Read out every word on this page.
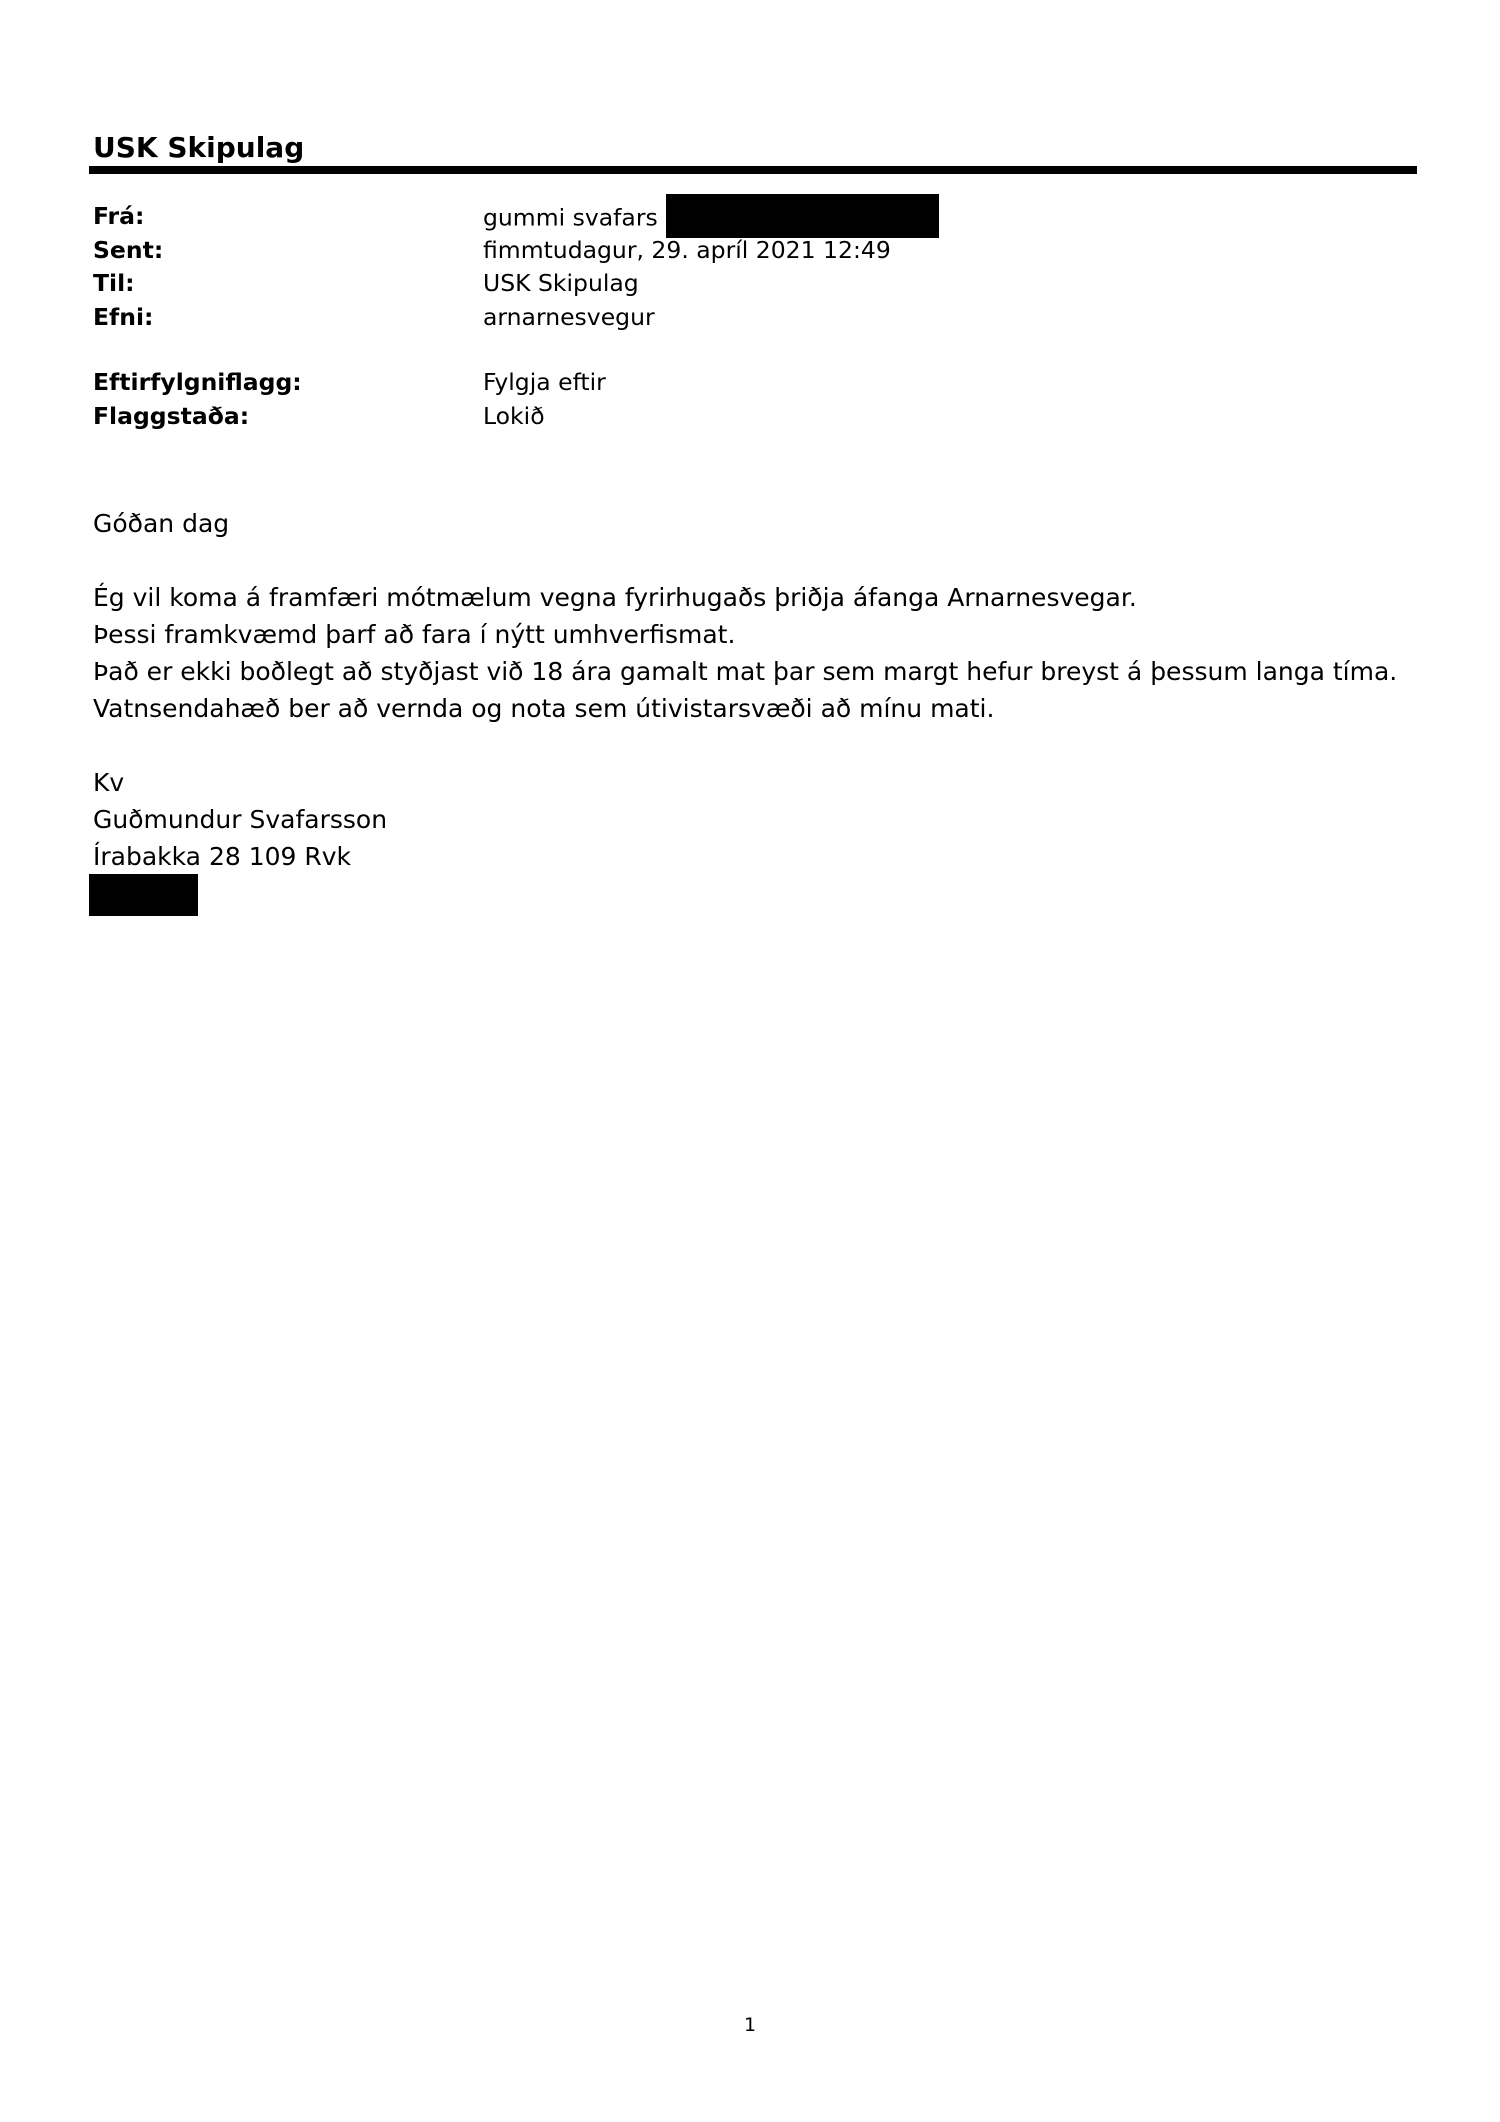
USK Skipulag
Frá:	gummi svafars
Sent:	fimmtudagur, 29. apríl 2021 12:49
Til:	USK Skipulag
Efni:	arnarnesvegur
Eftirfylgniflagg:	Fylgja eftir
Flaggstaða:	Lokið

Góðan dag

Ég vil koma á framfæri mótmælum vegna fyrirhugaðs þriðja áfanga Arnarnesvegar.

Þessi framkvæmd þarf að fara í nýtt umhverfismat.

Það er ekki boðlegt að styðjast við 18 ára gamalt mat þar sem margt hefur breyst á þessum langa tíma.

Vatnsendahæð ber að vernda og nota sem útivistarsvæði að mínu mati.

Kv

Guðmundur Svafarsson

Írabakka 28 109 Rvk

1
